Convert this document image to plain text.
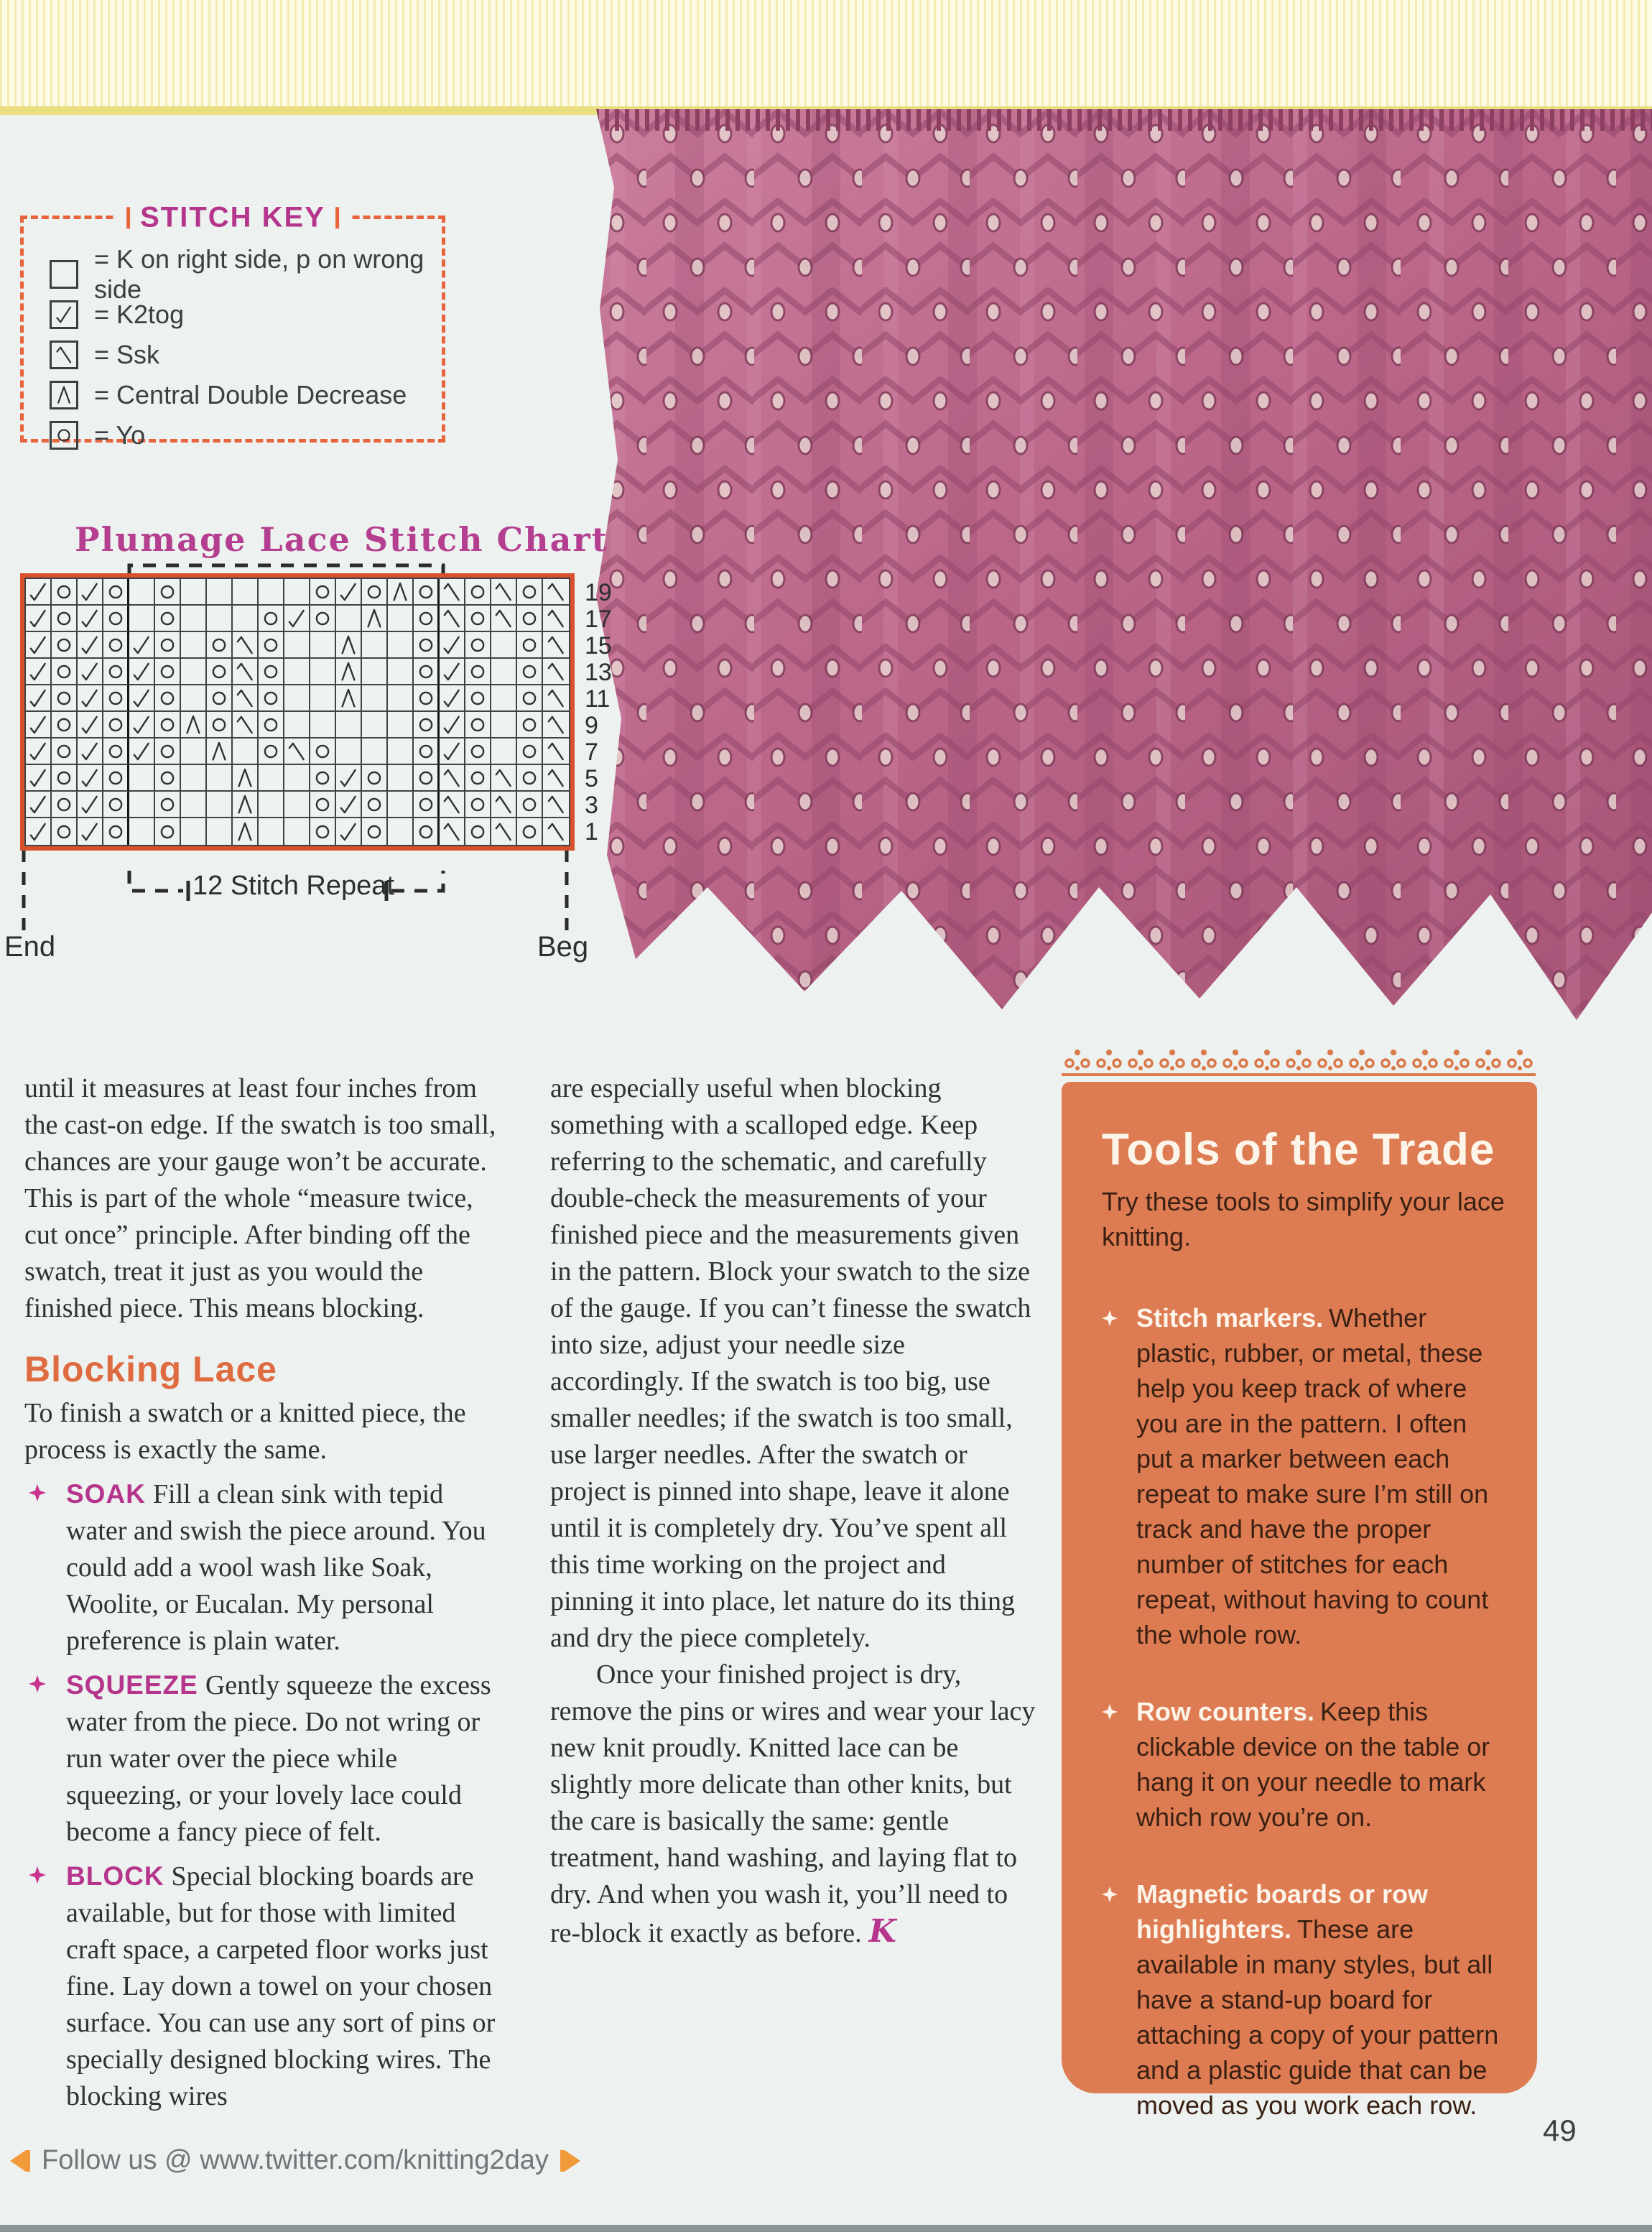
STITCH KEY
= K on right side, p on wrong side
= K2tog
= Ssk
= Central Double Decrease
= Yo
Plumage Lace Stitch Chart
19
17
15
13
11
9
7
5
3
1
End	Beg
12 Stitch Repeat

until it measures at least four inches from the cast-on edge. If the swatch is too small, chances are your gauge won’t be accurate. This is part of the whole “measure twice, cut once” principle. After binding off the swatch, treat it just as you would the finished piece. This means blocking.

Blocking Lace

To finish a swatch or a knitted piece, the process is exactly the same.

SOAK Fill a clean sink with tepid water and swish the piece around. You could add a wool wash like Soak, Woolite, or Eucalan. My personal preference is plain water.
SQUEEZE Gently squeeze the excess water from the piece. Do not wring or run water over the piece while squeezing, or your lovely lace could become a fancy piece of felt.
BLOCK Special blocking boards are available, but for those with limited craft space, a carpeted floor works just fine. Lay down a towel on your chosen surface. You can use any sort of pins or specially designed blocking wires. The blocking wires

are especially useful when blocking something with a scalloped edge. Keep referring to the schematic, and carefully double-check the measurements of your finished piece and the measurements given in the pattern. Block your swatch to the size of the gauge. If you can’t finesse the swatch into size, adjust your needle size accordingly. If the swatch is too big, use smaller needles; if the swatch is too small, use larger needles. After the swatch or project is pinned into shape, leave it alone until it is completely dry. You’ve spent all this time working on the project and pinning it into place, let nature do its thing and dry the piece completely.

Once your finished project is dry, remove the pins or wires and wear your lacy new knit proudly. Knitted lace can be slightly more delicate than other knits, but the care is basically the same: gentle treatment, hand washing, and laying flat to dry. And when you wash it, you’ll need to re-block it exactly as before. K

Tools of the Trade
Try these tools to simplify your lace knitting.
Stitch markers. Whether plastic, rubber, or metal, these help you keep track of where you are in the pattern. I often put a marker between each repeat to make sure I’m still on track and have the proper number of stitches for each repeat, without having to count the whole row.
Row counters. Keep this clickable device on the table or hang it on your needle to mark which row you’re on.
Magnetic boards or row highlighters. These are available in many styles, but all have a stand-up board for attaching a copy of your pattern and a plastic guide that can be moved as you work each row.
Follow us @ www.twitter.com/knitting2day
49
